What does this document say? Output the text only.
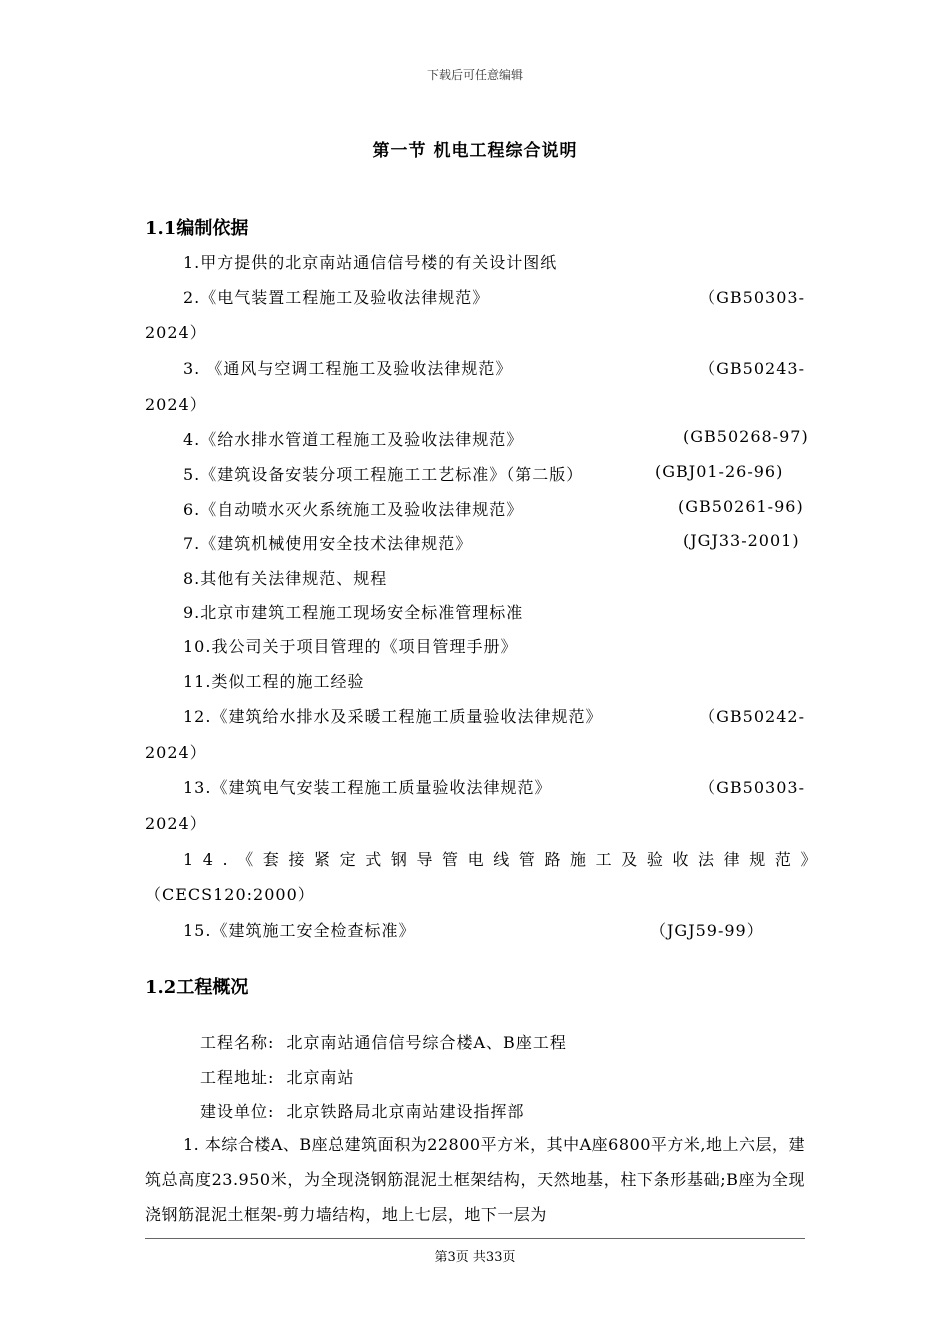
下载后可任意编辑
第一节 机电工程综合说明
1.1编制依据
1.甲方提供的北京南站通信信号楼的有关设计图纸
2.《电气装置工程施工及验收法律规范》	（GB50303-
2024）
3. 《通风与空调工程施工及验收法律规范》	（GB50243-
2024）
4.《给水排水管道工程施工及验收法律规范》	(GB50268-97)
5.《建筑设备安装分项工程施工工艺标准》（第二版）	(GBJ01-26-96)
6.《自动喷水灭火系统施工及验收法律规范》	(GB50261-96)
7.《建筑机械使用安全技术法律规范》	(JGJ33-2001)
8.其他有关法律规范、规程
9.北京市建筑工程施工现场安全标准管理标准
10.我公司关于项目管理的《项目管理手册》
11.类似工程的施工经验
12.《建筑给水排水及采暖工程施工质量验收法律规范》	（GB50242-
2024）
13.《建筑电气安装工程施工质量验收法律规范》	（GB50303-
2024）
14.《套接紧定式钢导管电线管路施工及验收法律规范》
（CECS120:2000）
15.《建筑施工安全检查标准》	（JGJ59-99）
1.2工程概况
工程名称: 北京南站通信信号综合楼A、B座工程
工程地址: 北京南站
建设单位: 北京铁路局北京南站建设指挥部
1. 本综合楼A、B座总建筑面积为22800平方米，其中A座6800平方米,地上六层，建筑总高度23.950米，为全现浇钢筋混泥土框架结构，天然地基，柱下条形基础;B座为全现浇钢筋混泥土框架-剪力墙结构，地上七层，地下一层为
第3页 共33页
